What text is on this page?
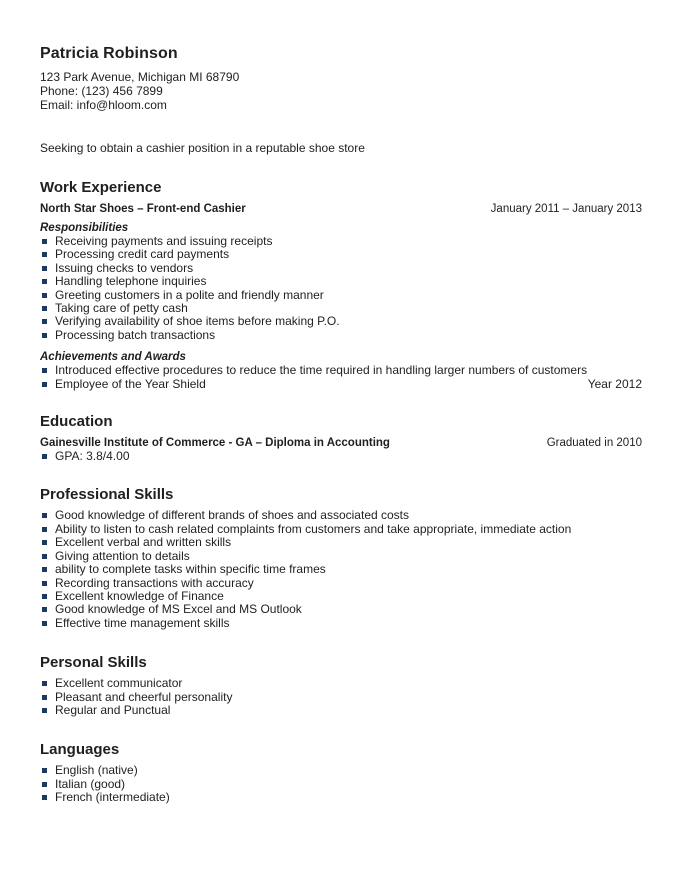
Patricia Robinson
123 Park Avenue, Michigan MI 68790
Phone: (123) 456 7899
Email: info@hloom.com
Seeking to obtain a cashier position in a reputable shoe store
Work Experience
North Star Shoes – Front-end Cashier	January 2011 – January 2013
Responsibilities
Receiving payments and issuing receipts
Processing credit card payments
Issuing checks to vendors
Handling telephone inquiries
Greeting customers in a polite and friendly manner
Taking care of petty cash
Verifying availability of shoe items before making P.O.
Processing batch transactions
Achievements and Awards
Introduced effective procedures to reduce the time required in handling larger numbers of customers
Employee of the Year Shield	Year 2012
Education
Gainesville Institute of Commerce - GA – Diploma in Accounting	Graduated in 2010
GPA: 3.8/4.00
Professional Skills
Good knowledge of different brands of shoes and associated costs
Ability to listen to cash related complaints from customers and take appropriate, immediate action
Excellent verbal and written skills
Giving attention to details
ability to complete tasks within specific time frames
Recording transactions with accuracy
Excellent knowledge of Finance
Good knowledge of MS Excel and MS Outlook
Effective time management skills
Personal Skills
Excellent communicator
Pleasant and cheerful personality
Regular and Punctual
Languages
English (native)
Italian (good)
French (intermediate)
